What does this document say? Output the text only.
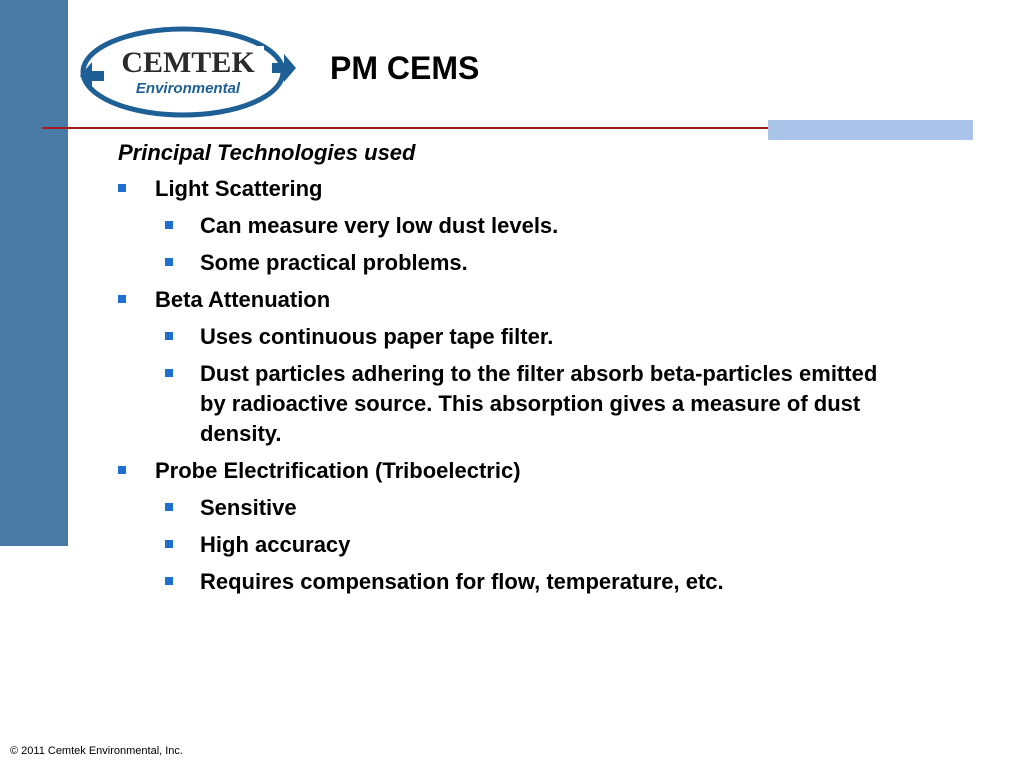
CEMTEK
Environmental
PM CEMS
Principal Technologies used
Light Scattering
Can measure very low dust levels.
Some practical problems.
Beta Attenuation
Uses continuous paper tape filter.
Dust particles adhering to the filter absorb beta-particles emitted by radioactive source. This absorption gives a measure of dust density.
Probe Electrification (Triboelectric)
Sensitive
High accuracy
Requires compensation for flow, temperature, etc.
© 2011 Cemtek Environmental, Inc.
